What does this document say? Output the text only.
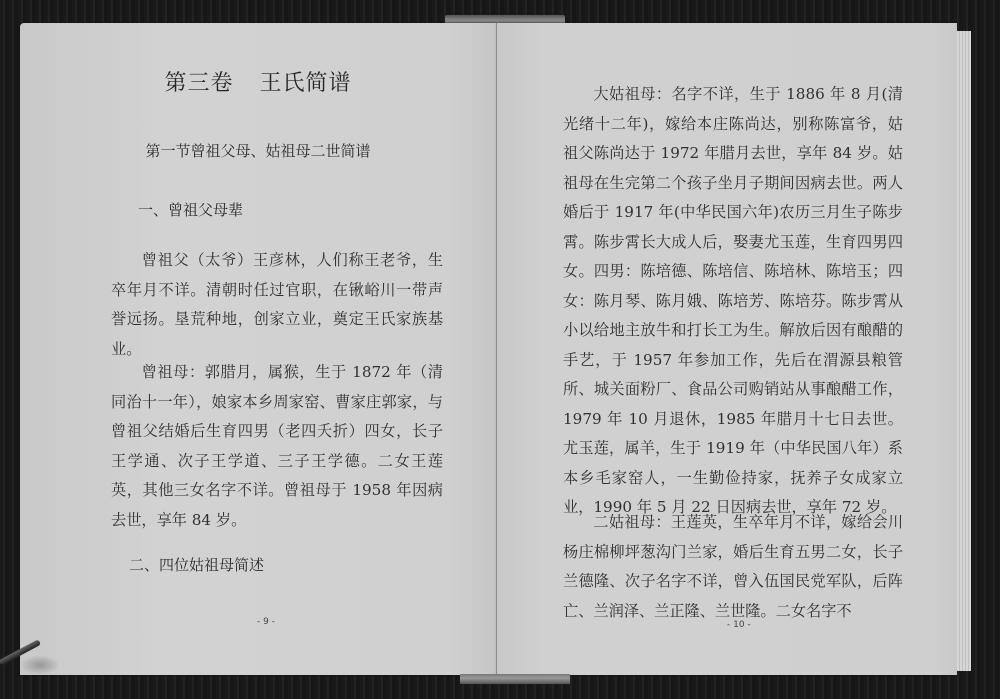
第三卷 王氏简谱
第一节曾祖父母、姑祖母二世简谱
一、曾祖父母辈

曾祖父（太爷）王彦林，人们称王老爷，生卒年月不详。清朝时任过官职，在锹峪川一带声誉远扬。垦荒种地，创家立业，奠定王氏家族基业。

曾祖母：郭腊月，属猴，生于 1872 年（清同治十一年），娘家本乡周家窑、曹家庄郭家，与曾祖父结婚后生育四男（老四夭折）四女，长子王学通、次子王学道、三子王学德。二女王莲英，其他三女名字不详。曾祖母于 1958 年因病去世，享年 84 岁。

二、四位姑祖母简述
- 9 -

大姑祖母：名字不详，生于 1886 年 8 月(清光绪十二年)，嫁给本庄陈尚达，别称陈富爷，姑祖父陈尚达于 1972 年腊月去世，享年 84 岁。姑祖母在生完第二个孩子坐月子期间因病去世。两人婚后于 1917 年(中华民国六年)农历三月生子陈步霄。陈步霄长大成人后，娶妻尤玉莲，生育四男四女。四男：陈培德、陈培信、陈培林、陈培玉；四女：陈月琴、陈月娥、陈培芳、陈培芬。陈步霄从小以给地主放牛和打长工为生。解放后因有酿醋的手艺，于 1957 年参加工作，先后在渭源县粮管所、城关面粉厂、食品公司购销站从事酿醋工作，1979 年 10 月退休，1985 年腊月十七日去世。尤玉莲，属羊，生于 1919 年（中华民国八年）系本乡毛家窑人，一生勤俭持家，抚养子女成家立业，1990 年 5 月 22 日因病去世，享年 72 岁。

二姑祖母：王莲英，生卒年月不详，嫁给会川杨庄棉柳坪葱沟门兰家，婚后生育五男二女，长子兰德隆、次子名字不详，曾入伍国民党军队，后阵亡、兰润泽、兰正隆、兰世隆。二女名字不

- 10 -
